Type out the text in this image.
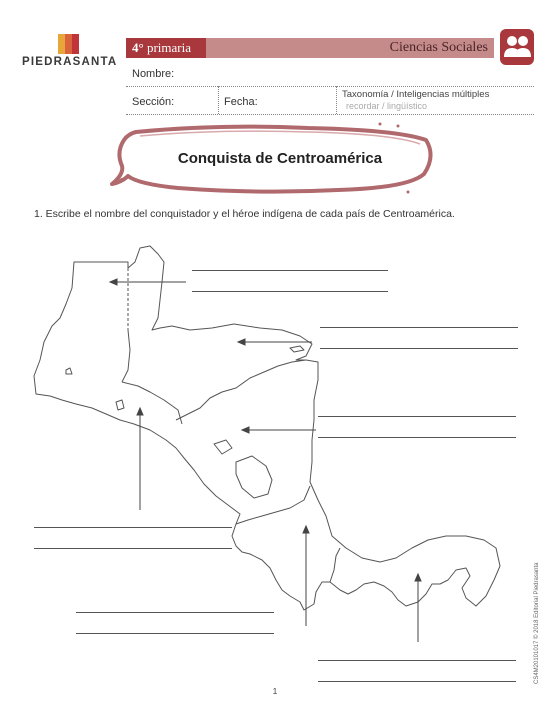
PIEDRASANTA
4° primaria	Ciencias Sociales
Nombre:
Sección:	Fecha:
Taxonomía / Inteligencias múltiples
recordar / lingüístico
Conquista de Centroamérica
1. Escribe el nombre del conquistador y el héroe indígena de cada país de Centroamérica.
1
CS4M20101017 © 2018 Editorial Piedrasanta
